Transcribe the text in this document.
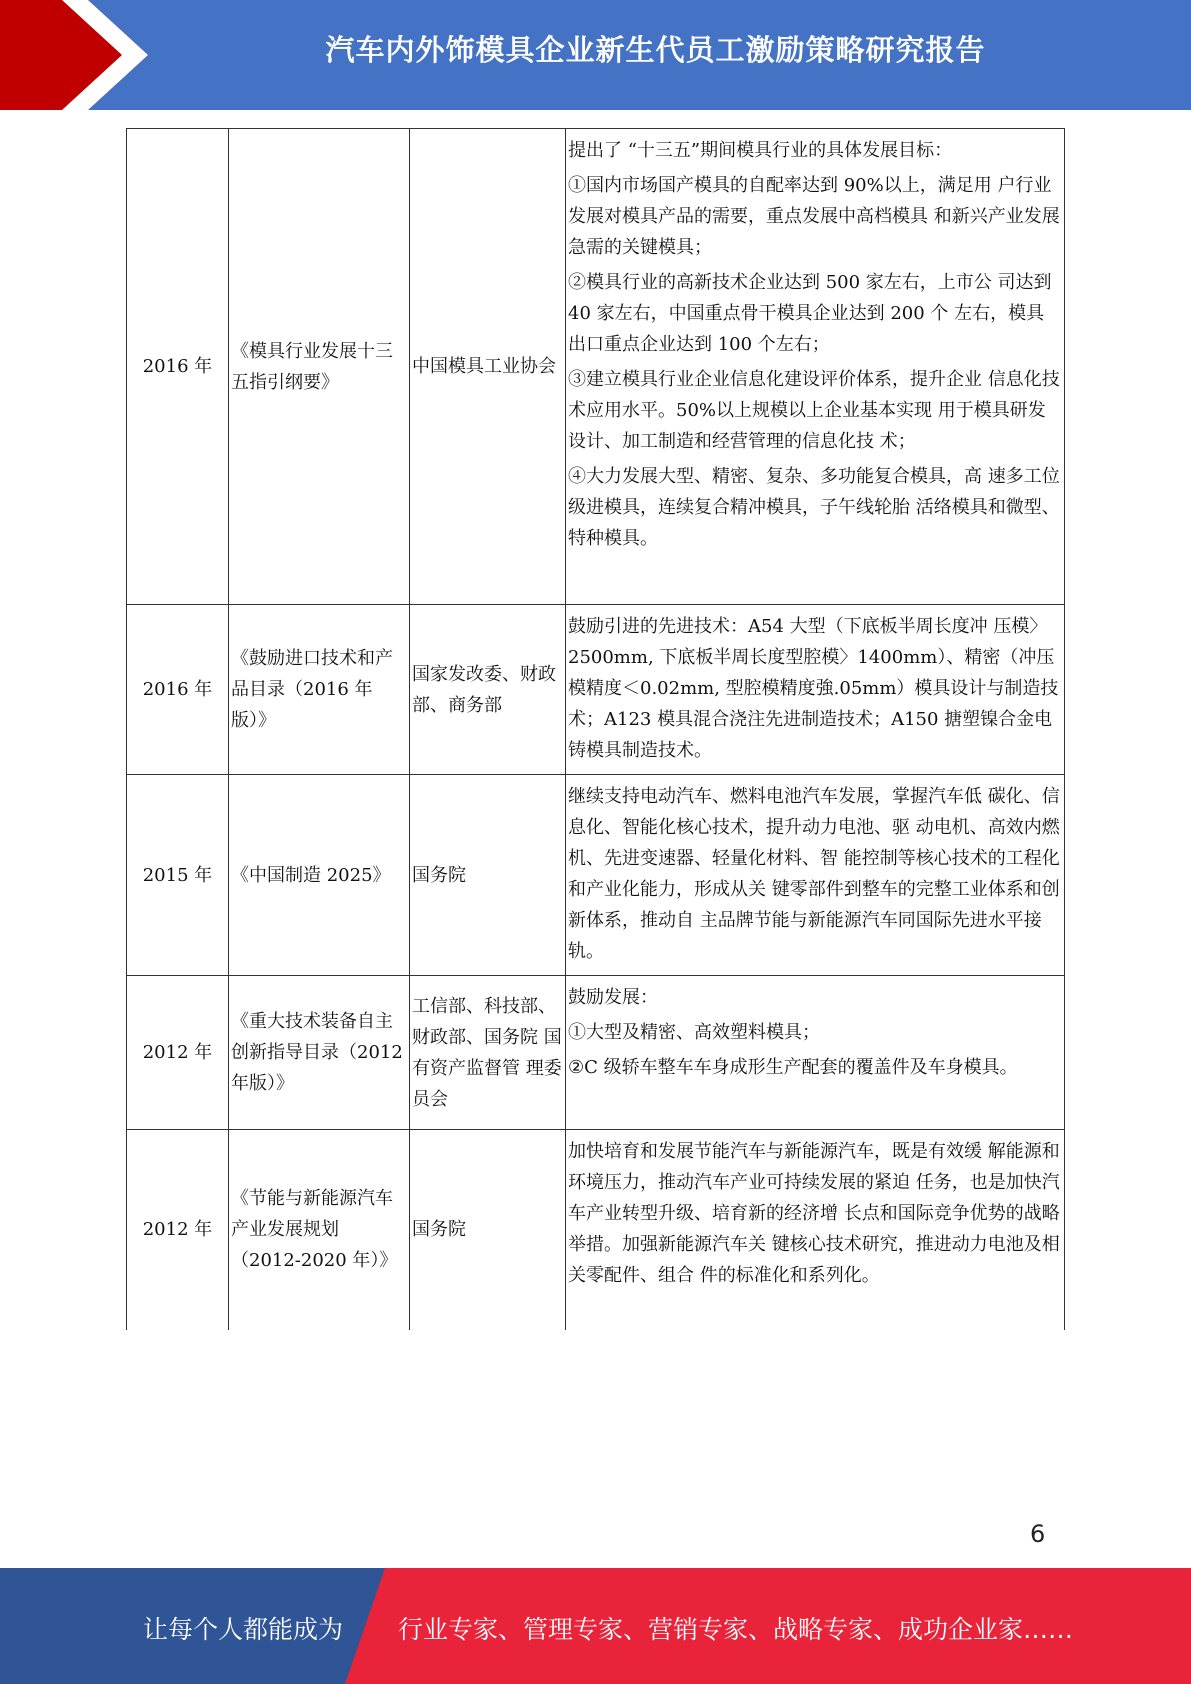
汽车内外饰模具企业新生代员工激励策略研究报告
2016 年	《模具行业发展十三五指引纲要》	中国模具工业协会	提出了 “十三五”期间模具行业的具体发展目标：

①国内市场国产模具的自配率达到 90%以上，满足用 户行业发展对模具产品的需要，重点发展中高档模具 和新兴产业发展急需的关键模具；

②模具行业的高新技术企业达到 500 家左右，上市公 司达到 40 家左右，中国重点骨干模具企业达到 200 个 左右，模具出口重点企业达到 100 个左右；

③建立模具行业企业信息化建设评价体系，提升企业 信息化技术应用水平。50%以上规模以上企业基本实现 用于模具研发设计、加工制造和经营管理的信息化技 术；

④大力发展大型、精密、复杂、多功能复合模具，高 速多工位级进模具，连续复合精冲模具，子午线轮胎 活络模具和微型、特种模具。

2016 年	《鼓励进口技术和产品目录（2016 年版）》	国家发改委、财政部、商务部	鼓励引进的先进技术：A54 大型（下底板半周长度冲 压模〉2500mm, 下底板半周长度型腔模〉1400mm）、精密（冲压模精度＜0.02mm, 型腔模精度強.05mm）模具设计与制造技术；A123 模具混合浇注先进制造技术；A150 搪塑镍合金电铸模具制造技术。

2015 年	《中国制造 2025》	国务院	继续支持电动汽车、燃料电池汽车发展，掌握汽车低 碳化、信息化、智能化核心技术，提升动力电池、驱 动电机、高效内燃机、先进变速器、轻量化材料、智 能控制等核心技术的工程化和产业化能力，形成从关 键零部件到整车的完整工业体系和创新体系，推动自 主品牌节能与新能源汽车同国际先进水平接轨。

2012 年	《重大技术装备自主创新指导目录（2012 年版）》	工信部、科技部、 财政部、国务院 国有资产监督管 理委员会	鼓励发展：

①大型及精密、高效塑料模具；

②C 级轿车整车车身成形生产配套的覆盖件及车身模具。

2012 年	《节能与新能源汽车产业发展规划（2012-2020 年）》	国务院	加快培育和发展节能汽车与新能源汽车，既是有效缓 解能源和环境压力，推动汽车产业可持续发展的紧迫 任务，也是加快汽车产业转型升级、培育新的经济增 长点和国际竞争优势的战略举措。加强新能源汽车关 键核心技术研究，推进动力电池及相关零配件、组合 件的标准化和系列化。

6
让每个人都能成为 行业专家、管理专家、营销专家、战略专家、成功企业家……
